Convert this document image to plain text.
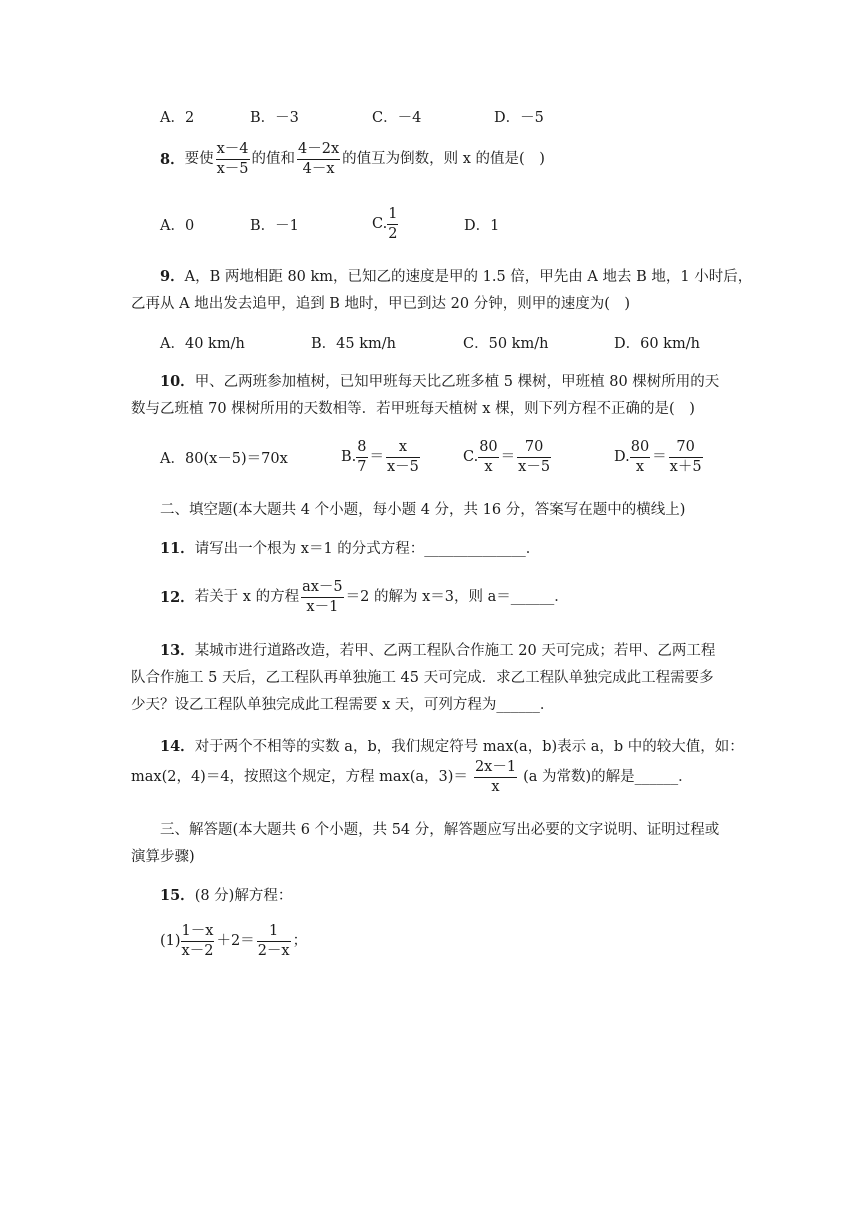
A．2	B．－3	C．－4	D．－5
8． 要使 $\frac{x-4}{x-5}$ 的值和 $\frac{4-2x}{4-x}$ 的值互为倒数，则 x 的值是(　)
A．0	B．－1	C. $\frac{1}{2}$	D．1
9．A，B 两地相距 80 km，已知乙的速度是甲的 1.5 倍，甲先由 A 地去 B 地，1 小时后，
乙再从 A 地出发去追甲，追到 B 地时，甲已到达 20 分钟，则甲的速度为(　)
A．40 km/h	B．45 km/h	C．50 km/h	D．60 km/h
10．甲、乙两班参加植树，已知甲班每天比乙班多植 5 棵树，甲班植 80 棵树所用的天
数与乙班植 70 棵树所用的天数相等．若甲班每天植树 x 棵，则下列方程不正确的是(　)
A．80(x－5)＝70x	B. $\frac{8}{7} = \frac{x}{x-5}$	C. $\frac{80}{x} = \frac{70}{x-5}$	D. $\frac{80}{x} = \frac{70}{x+5}$
二、填空题(本大题共 4 个小题，每小题 4 分，共 16 分，答案写在题中的横线上)
11．请写出一个根为 x＝1 的分式方程：______________．
12． 若关于 x 的方程 $\frac{ax-5}{x-1} =2$ 的解为 x＝3，则 a＝______．
13．某城市进行道路改造，若甲、乙两工程队合作施工 20 天可完成；若甲、乙两工程
队合作施工 5 天后，乙工程队再单独施工 45 天可完成．求乙工程队单独完成此工程需要多
少天？设乙工程队单独完成此工程需要 x 天，可列方程为______．
14．对于两个不相等的实数 a，b，我们规定符号 max(a，b)表示 a，b 中的较大值，如：
max(2，4)＝4，按照这个规定，方程 max(a，$3)= \frac{2x-1}{x} (a$ 为常数)的解是______．
三、解答题(本大题共 6 个小题，共 54 分，解答题应写出必要的文字说明、证明过程或
演算步骤)
15．(8 分)解方程：
$(1) \frac{1-x}{x-2} +2= \frac{1}{2-x}$ ；
